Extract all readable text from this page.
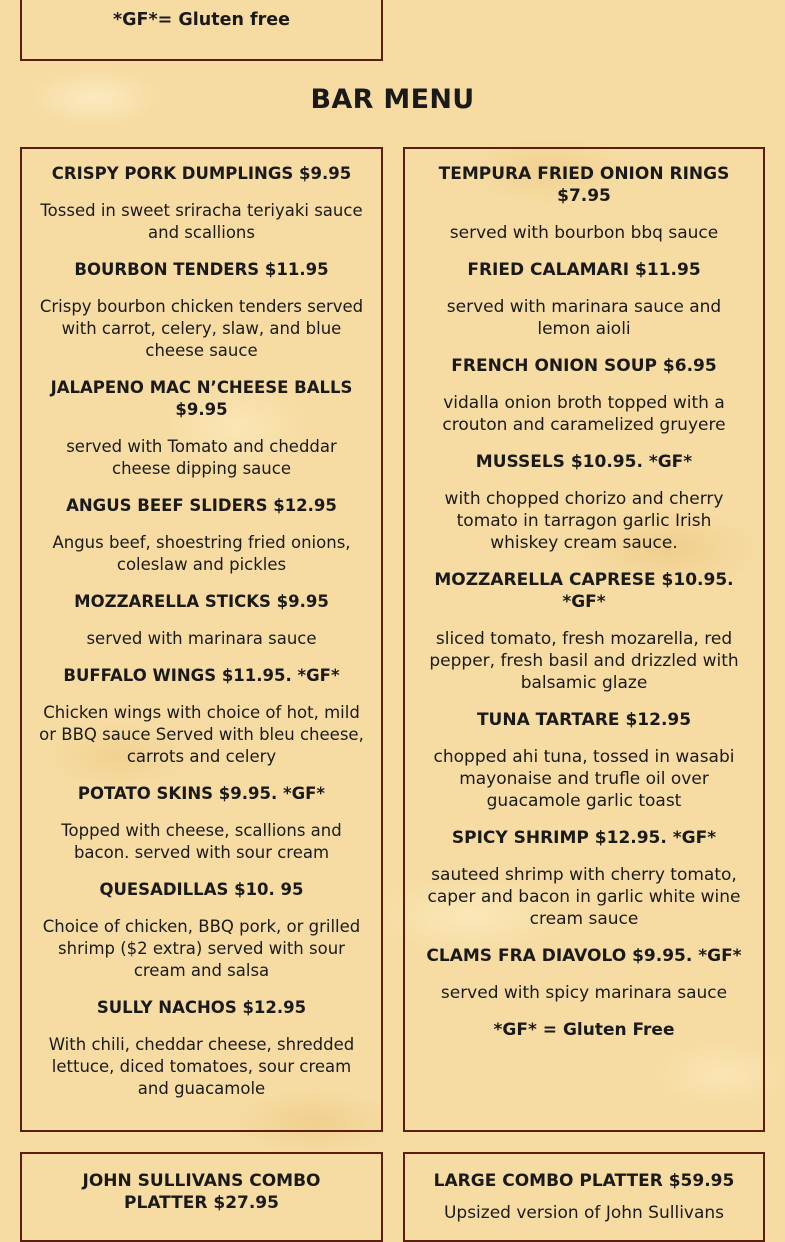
*GF*= Gluten free
BAR MENU
CRISPY PORK DUMPLINGS $9.95
Tossed in sweet sriracha teriyaki sauce and scallions
BOURBON TENDERS $11.95
Crispy bourbon chicken tenders served with carrot, celery, slaw, and blue cheese sauce
JALAPENO MAC N’CHEESE BALLS $9.95
served with Tomato and cheddar cheese dipping sauce
ANGUS BEEF SLIDERS $12.95
Angus beef, shoestring fried onions, coleslaw and pickles
MOZZARELLA STICKS $9.95
served with marinara sauce
BUFFALO WINGS $11.95. *GF*
Chicken wings with choice of hot, mild or BBQ sauce Served with bleu cheese, carrots and celery
POTATO SKINS $9.95. *GF*
Topped with cheese, scallions and bacon. served with sour cream
QUESADILLAS $10. 95
Choice of chicken, BBQ pork, or grilled shrimp ($2 extra) served with sour cream and salsa
SULLY NACHOS $12.95
With chili, cheddar cheese, shredded lettuce, diced tomatoes, sour cream and guacamole
TEMPURA FRIED ONION RINGS $7.95
served with bourbon bbq sauce
FRIED CALAMARI $11.95
served with marinara sauce and lemon aioli
FRENCH ONION SOUP $6.95
vidalla onion broth topped with a crouton and caramelized gruyere
MUSSELS $10.95. *GF*
with chopped chorizo and cherry tomato in tarragon garlic Irish whiskey cream sauce.
MOZZARELLA CAPRESE $10.95. *GF*
sliced tomato, fresh mozarella, red pepper, fresh basil and drizzled with balsamic glaze
TUNA TARTARE $12.95
chopped ahi tuna, tossed in wasabi mayonaise and trufle oil over guacamole garlic toast
SPICY SHRIMP $12.95. *GF*
sauteed shrimp with cherry tomato, caper and bacon in garlic white wine cream sauce
CLAMS FRA DIAVOLO $9.95. *GF*
served with spicy marinara sauce
*GF* = Gluten Free
JOHN SULLIVANS COMBO PLATTER $27.95
LARGE COMBO PLATTER $59.95
Upsized version of John Sullivans
